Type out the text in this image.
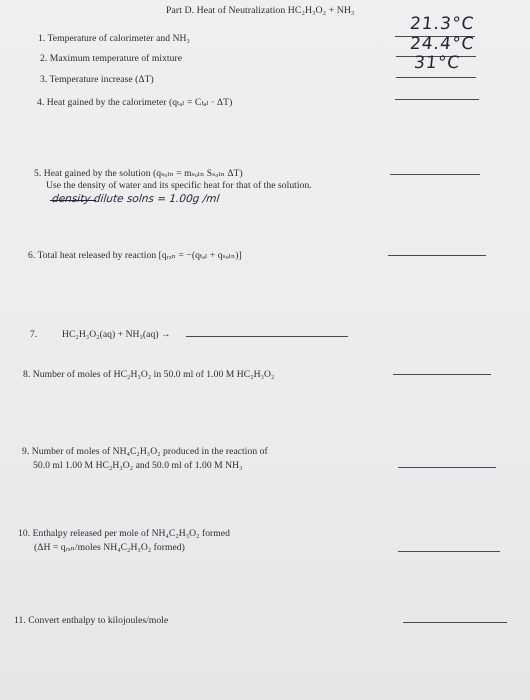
Part D. Heat of Neutralization HC₂H₃O₂ + NH₃
1. Temperature of calorimeter and NH₃
21.3°C
2. Maximum temperature of mixture
24.4°C
3. Temperature increase (ΔT)
31°C
4. Heat gained by the calorimeter (qₜₐₗ = Cₜₐₗ · ΔT)
5. Heat gained by the solution (qₛₒₗₙ = mₛₒₗₙ Sₛₒₗₙ ΔT)
Use the density of water and its specific heat for that of the solution.
density dilute solns = 1.00g /ml
6. Total heat released by reaction [qᵣₓₙ = −(qₜₐₗ + qₛₒₗₙ)]
7.	HC₂H₃O₂(aq) + NH₃(aq) →
8. Number of moles of HC₂H₃O₂ in 50.0 ml of 1.00 M HC₂H₃O₂
9. Number of moles of NH₄C₂H₃O₂ produced in the reaction of
50.0 ml 1.00 M HC₂H₃O₂ and 50.0 ml of 1.00 M NH₃
10. Enthalpy released per mole of NH₄C₂H₃O₂ formed
(ΔH = qᵣₓₙ/moles NH₄C₂H₃O₂ formed)
11. Convert enthalpy to kilojoules/mole
